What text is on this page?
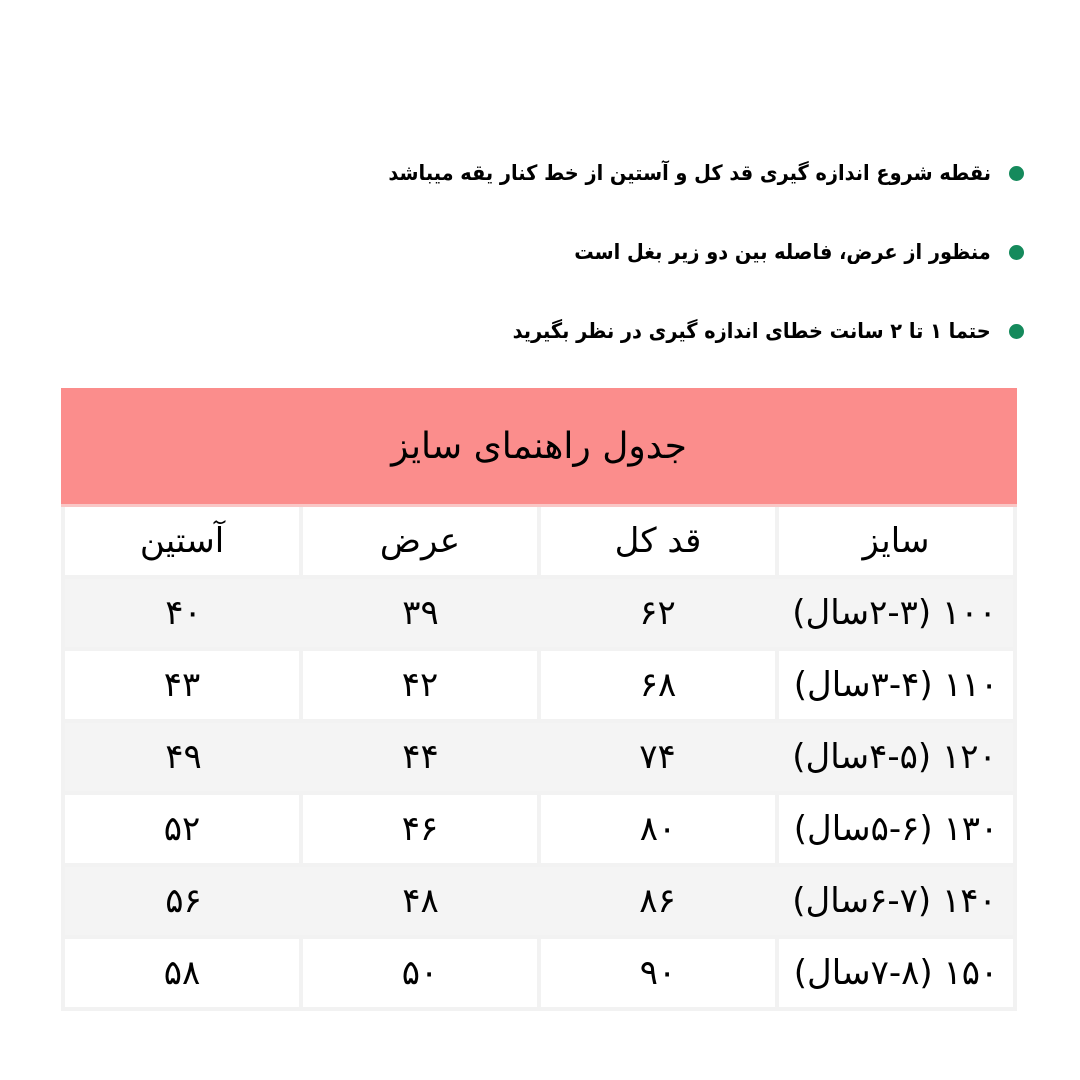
نقطه شروع اندازه گیری قد کل و آستین از خط کنار یقه میباشد
منظور از عرض، فاصله بین دو زیر بغل است
حتما ۱ تا ۲ سانت خطای اندازه گیری در نظر بگیرید
جدول راهنمای سایز
سایز
قد کل
عرض
آستین
۱۰۰ (۲-۳سال)
۶۲
۳۹
۴۰
۱۱۰ (۳-۴سال)
۶۸
۴۲
۴۳
۱۲۰ (۴-۵سال)
۷۴
۴۴
۴۹
۱۳۰ (۵-۶سال)
۸۰
۴۶
۵۲
۱۴۰ (۶-۷سال)
۸۶
۴۸
۵۶
۱۵۰ (۷-۸سال)
۹۰
۵۰
۵۸
